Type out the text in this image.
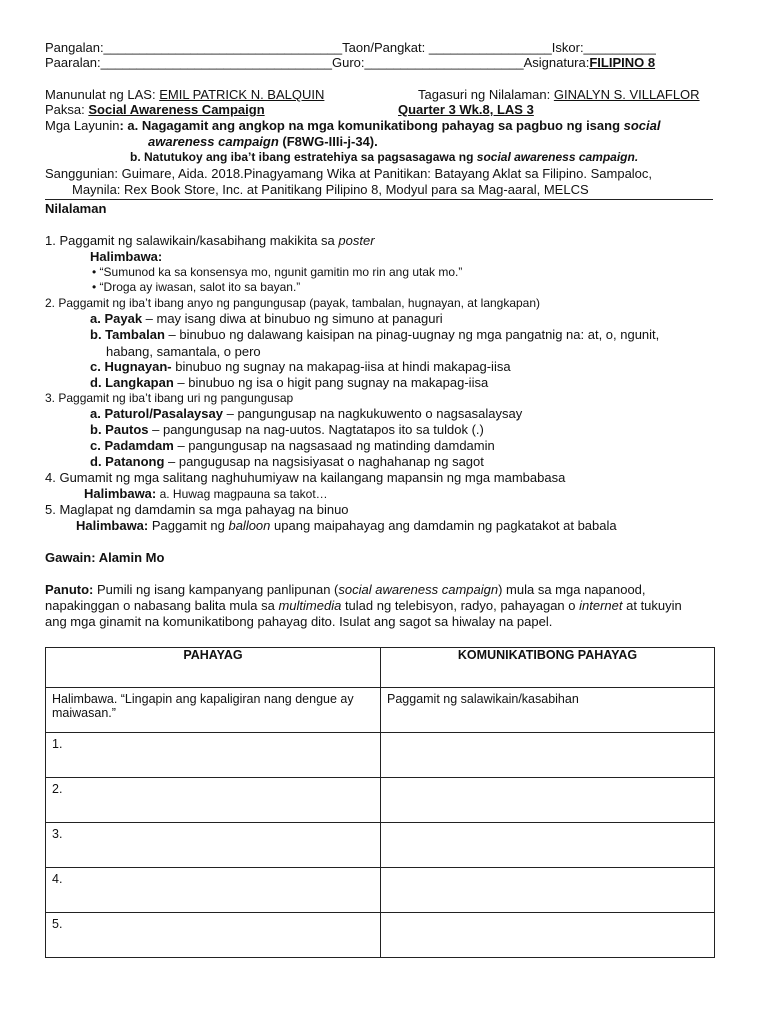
Pangalan:_________________________________Taon/Pangkat: _________________Iskor:__________
Paaralan:________________________________Guro:______________________Asignatura:FILIPINO 8
Manunulat ng LAS: EMIL PATRICK N. BALQUIN	Tagasuri ng Nilalaman: GINALYN S. VILLAFLOR
Paksa: Social Awareness Campaign	Quarter 3 Wk.8, LAS 3
Mga Layunin: a. Nagagamit ang angkop na mga komunikatibong pahayag sa pagbuo ng isang social
awareness campaign (F8WG-IIIi-j-34).
b. Natutukoy ang iba’t ibang estratehiya sa pagsasagawa ng social awareness campaign.
Sanggunian: Guimare, Aida. 2018.Pinagyamang Wika at Panitikan: Batayang Aklat sa Filipino. Sampaloc,
Maynila: Rex Book Store, Inc. at Panitikang Pilipino 8, Modyul para sa Mag-aaral, MELCS
Nilalaman
1. Paggamit ng salawikain/kasabihang makikita sa poster
Halimbawa:
• “Sumunod ka sa konsensya mo, ngunit gamitin mo rin ang utak mo.”
• “Droga ay iwasan, salot ito sa bayan.”
2. Paggamit ng iba’t ibang anyo ng pangungusap (payak, tambalan, hugnayan, at langkapan)
a. Payak – may isang diwa at binubuo ng simuno at panaguri
b. Tambalan – binubuo ng dalawang kaisipan na pinag-uugnay ng mga pangatnig na: at, o, ngunit,
habang, samantala, o pero
c. Hugnayan- binubuo ng sugnay na makapag-iisa at hindi makapag-iisa
d. Langkapan – binubuo ng isa o higit pang sugnay na makapag-iisa
3. Paggamit ng iba’t ibang uri ng pangungusap
a. Paturol/Pasalaysay – pangungusap na nagkukuwento o nagsasalaysay
b. Pautos – pangungusap na nag-uutos. Nagtatapos ito sa tuldok (.)
c. Padamdam – pangungusap na nagsasaad ng matinding damdamin
d. Patanong – pangugusap na nagsisiyasat o naghahanap ng sagot
4. Gumamit ng mga salitang naghuhumiyaw na kailangang mapansin ng mga mambabasa
Halimbawa: a. Huwag magpauna sa takot…
5. Maglapat ng damdamin sa mga pahayag na binuo
Halimbawa: Paggamit ng balloon upang maipahayag ang damdamin ng pagkatakot at babala
Gawain: Alamin Mo
Panuto: Pumili ng isang kampanyang panlipunan (social awareness campaign) mula sa mga napanood,
napakinggan o nabasang balita mula sa multimedia tulad ng telebisyon, radyo, pahayagan o internet at tukuyin
ang mga ginamit na komunikatibong pahayag dito. Isulat ang sagot sa hiwalay na papel.
PAHAYAG	KOMUNIKATIBONG PAHAYAG
Halimbawa. “Lingapin ang kapaligiran nang dengue ay maiwasan.”	Paggamit ng salawikain/kasabihan
1.	
2.	
3.	
4.	
5.	
